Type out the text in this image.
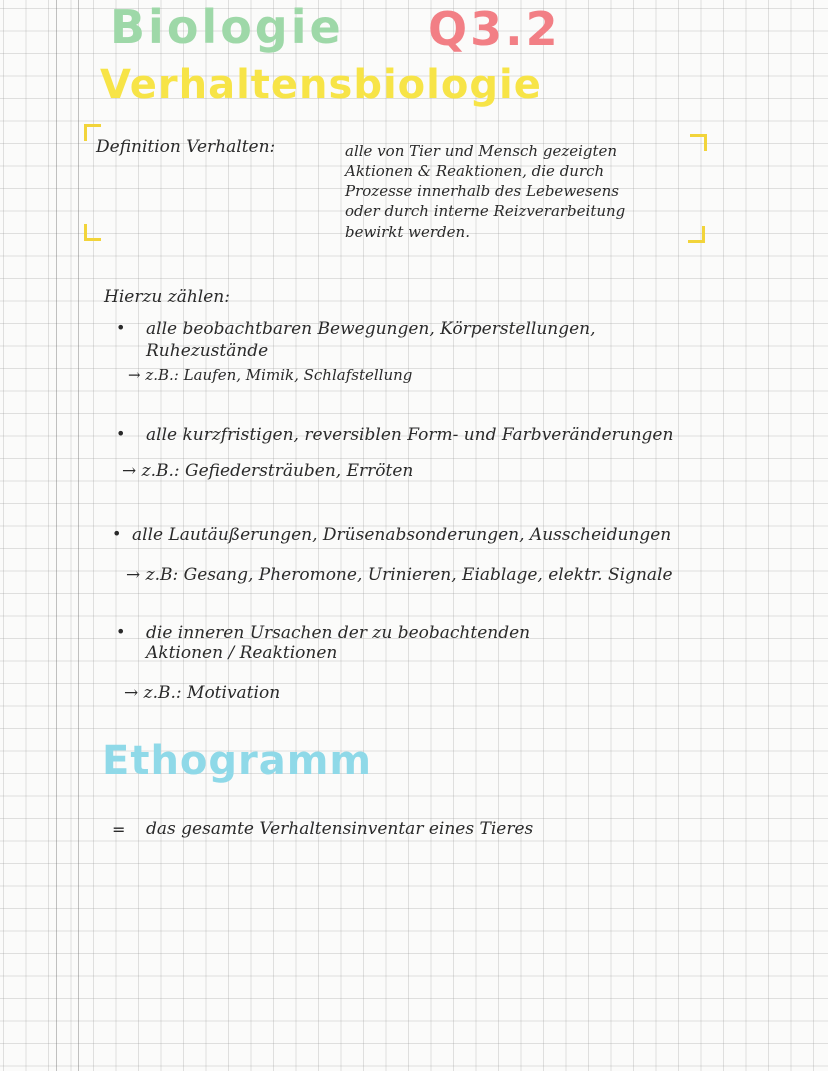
Biologie Q3.2
Verhaltensbiologie
Definition Verhalten:	alle von Tier und Mensch gezeigten
Aktionen & Reaktionen, die durch
Prozesse innerhalb des Lebewesens
oder durch interne Reizverarbeitung
bewirkt werden.
Hierzu zählen:
• alle beobachtbaren Bewegungen, Körperstellungen,
Ruhezustände
→ z.B.: Laufen, Mimik, Schlafstellung
• alle kurzfristigen, reversiblen Form- und Farbveränderungen
→ z.B.: Gefiedersträuben, Erröten
• alle Lautäußerungen, Drüsenabsonderungen, Ausscheidungen
→ z.B: Gesang, Pheromone, Urinieren, Eiablage, elektr. Signale
• die inneren Ursachen der zu beobachtenden
Aktionen / Reaktionen
→ z.B.: Motivation
Ethogramm
= das gesamte Verhaltensinventar eines Tieres
